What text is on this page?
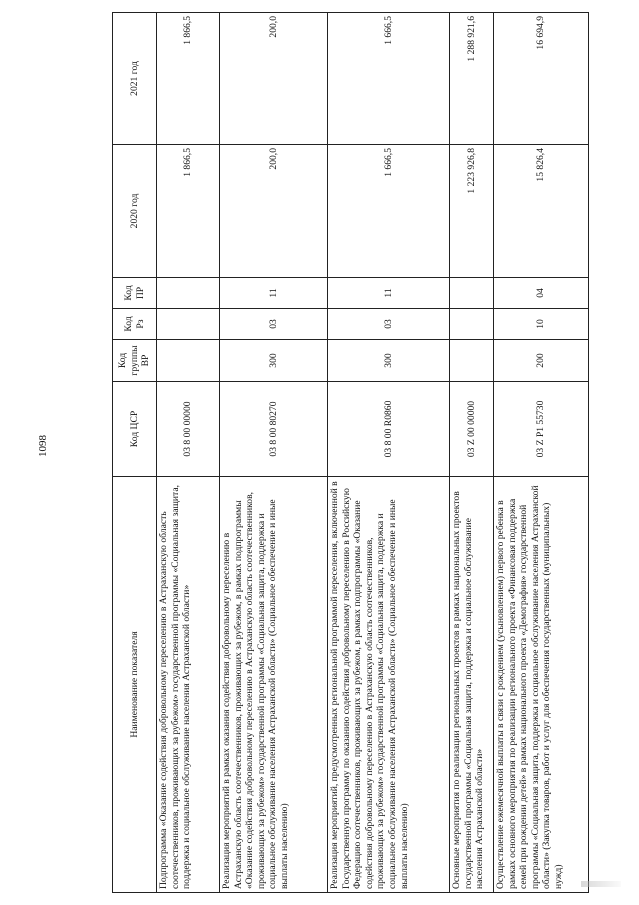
1098
Наименование показателя	Код ЦСР	Код группы ВР	Код Рз	Код ПР	2020 год	2021 год
Подпрограмма «Оказание содействия добровольному переселению в Астраханскую область соотечественников, проживающих за рубежом» государственной программы «Социальная защита, поддержка и социальное обслуживание населения Астраханской области»	03 8 00 00000				1 866,5	1 866,5
Реализация мероприятий в рамках оказания содействия добровольному переселению в Астраханскую область соотечественников, проживающих за рубежом, в рамках подпрограммы «Оказание содействия добровольному переселению в Астраханскую область соотечественников, проживающих за рубежом» государственной программы «Социальная защита, поддержка и социальное обслуживание населения Астраханской области» (Социальное обеспечение и иные выплаты населению)	03 8 00 80270	300	03	11	200,0	200,0
Реализация мероприятий, предусмотренных региональной программой переселения, включенной в Государственную программу по оказанию содействия добровольному переселению в Российскую Федерацию соотечественников, проживающих за рубежом, в рамках подпрограммы «Оказание содействия добровольному переселению в Астраханскую область соотечественников, проживающих за рубежом» государственной программы «Социальная защита, поддержка и социальное обслуживание населения Астраханской области» (Социальное обеспечение и иные выплаты населению)	03 8 00 R0860	300	03	11	1 666,5	1 666,5
Основные мероприятия по реализации региональных проектов в рамках национальных проектов государственной программы «Социальная защита, поддержка и социальное обслуживание населения Астраханской области»	03 Z 00 00000				1 223 926,8	1 288 921,6
Осуществление ежемесячной выплаты в связи с рождением (усыновлением) первого ребенка в рамках основного мероприятия по реализации регионального проекта «Финансовая поддержка семей при рождении детей» в рамках национального проекта «Демография» государственной программы «Социальная защита, поддержка и социальное обслуживание населения Астраханской области» (Закупка товаров, работ и услуг для обеспечения государственных (муниципальных) нужд)	03 Z P1 55730	200	10	04	15 826,4	16 694,9
